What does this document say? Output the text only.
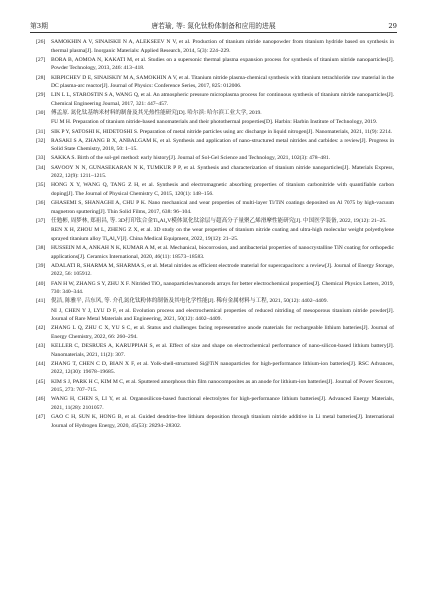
第3期	唐若瑜, 等: 氮化钛粉体制备和应用的进展	29
[26] SAMOKHIN A V, SINAISKII N A, ALEKSEEV N V, et al. Production of titanium nitride nanopowder from titanium hydride based on synthesis in thermal plasma[J]. Inorganic Materials: Applied Research, 2014, 5(3): 224–229.
[27] BORA B, AOMOA N, KAKATI M, et al. Studies on a supersonic thermal plasma expansion process for synthesis of titanium nitride nanoparticles[J]. Powder Technology, 2013, 246: 413–418.
[28] KIRPICHEV D E, SINAISKIY M A, SAMOKHIN A V, et al. Titanium nitride plasma-chemical synthesis with titanium tetrachloride raw material in the DC plasma-arc reactor[J]. Journal of Physics: Conference Series, 2017, 825: 012006.
[29] LIN L L, STAROSTIN S A, WANG Q, et al. An atmospheric pressure microplasma process for continuous synthesis of titanium nitride nanoparticles[J]. Chemical Engineering Journal, 2017, 321: 447–457.
[30] 傅孟原. 氮化钛基纳米材料的制备及其光热性能研究[D]. 哈尔滨: 哈尔滨工业大学, 2019.
FU M H. Preparation of titanium nitride-based nanomaterials and their photothermal properties[D]. Harbin: Harbin Institute of Technology, 2019.
[31] SIK P Y, SATOSHI K, HIDETOSHI S. Preparation of metal nitride particles using arc discharge in liquid nitrogen[J]. Nanomaterials, 2021, 11(9): 2214.
[32] RASAKI S A, ZHANG B X, ANBALGAM K, et al. Synthesis and application of nano-structured metal nitrides and carbides: a review[J]. Progress in Solid State Chemistry, 2018, 50: 1–15.
[33] SAKKA S. Birth of the sol-gel method: early history[J]. Journal of Sol-Gel Science and Technology, 2021, 102(3): 478–481.
[34] SAVOOY N N, GUNASEKARAN N K, TUMKUR P P, et al. Synthesis and characterization of titanium nitride nanoparticles[J]. Materials Express, 2022, 12(9): 1211–1215.
[35] HONG X Y, WANG Q, TANG Z H, et al. Synthesis and electromagnetic absorbing properties of titanium carbonitride with quantifiable carbon doping[J]. The Journal of Physical Chemistry C, 2015, 120(1): 148–156.
[36] GHASEMI S, SHANAGHI A, CHU P K. Nano mechanical and wear properties of multi-layer Ti/TiN coatings deposited on Al 7075 by high-vacuum magnetron sputtering[J]. Thin Solid Films, 2017, 638: 96–104.
[37] 任勉彬, 周梦林, 郑祖昌, 等. 3D打印钛合金Ti₆Al₄V模体氮化钛涂层与超高分子量聚乙烯滑摩性能研究[J]. 中国医学装备, 2022, 19(12): 21–25.
REN X H, ZHOU M L, ZHENG Z X, et al. 3D study on the wear properties of titanium nitride coating and ultra-high molecular weight polyethylene sprayed titanium alloy Ti₆Al₄V[J]. China Medical Equipment, 2022, 19(12): 21–25.
[38] HUSSEIN M A, ANKAH N K, KUMAR A M, et al. Mechanical, biocorrosion, and antibacterial properties of nanocrystalline TiN coating for orthopedic applications[J]. Ceramics International, 2020, 46(11): 18573–18583.
[39] ADALATI R, SHARMA M, SHARMA S, et al. Metal nitrides as efficient electrode material for supercapacitors: a review[J]. Journal of Energy Storage, 2022, 56: 105912.
[40] FAN H W, ZHANG S Y, ZHU X F. Nitrided TiO₂ nanoparticles/nanorods arrays for better electrochemical properties[J]. Chemical Physics Letters, 2019, 730: 340–344.
[41] 倪洁, 陈雅平, 吕东风, 等. 介孔氮化钛粉体的制备及其电化学性能[J]. 稀有金属材料与工程, 2021, 50(12): 4402–4409.
NI J, CHEN Y J, LYU D F, et al. Evolution process and electrochemical properties of reduced nitriding of mesoporous titanium nitride powder[J]. Journal of Rare Metal Materials and Engineering, 2021, 50(12): 4402–4409.
[42] ZHANG L Q, ZHU C X, YU S C, et al. Status and challenges facing representative anode materials for rechargeable lithium batteries[J]. Journal of Energy Chemistry, 2022, 66: 260–294.
[43] KELLER C, DESRUES A, KARUPPIAH S, et al. Effect of size and shape on electrochemical performance of nano-silicon-based lithium battery[J]. Nanomaterials, 2021, 11(2): 307.
[44] ZHANG T, CHEN C D, BIAN X F, et al. Yolk-shell-structured Si@TiN nanoparticles for high-performance lithium-ion batteries[J]. RSC Advances, 2022, 12(30): 19678–19685.
[45] KIM S J, PARK H C, KIM M C, et al. Sputtered amorphous thin film nanocomposites as an anode for lithium-ion batteries[J]. Journal of Power Sources, 2015, 273: 707–715.
[46] WANG H, CHEN S, LI Y, et al. Organosilicon-based functional electrolytes for high-performance lithium batteries[J]. Advanced Energy Materials, 2021, 11(28): 2101057.
[47] GAO C H, SUN K, HONG B, et al. Guided dendrite-free lithium deposition through titanium nitride additive in Li metal batteries[J]. International Journal of Hydrogen Energy, 2020, 45(53): 28294–28302.
